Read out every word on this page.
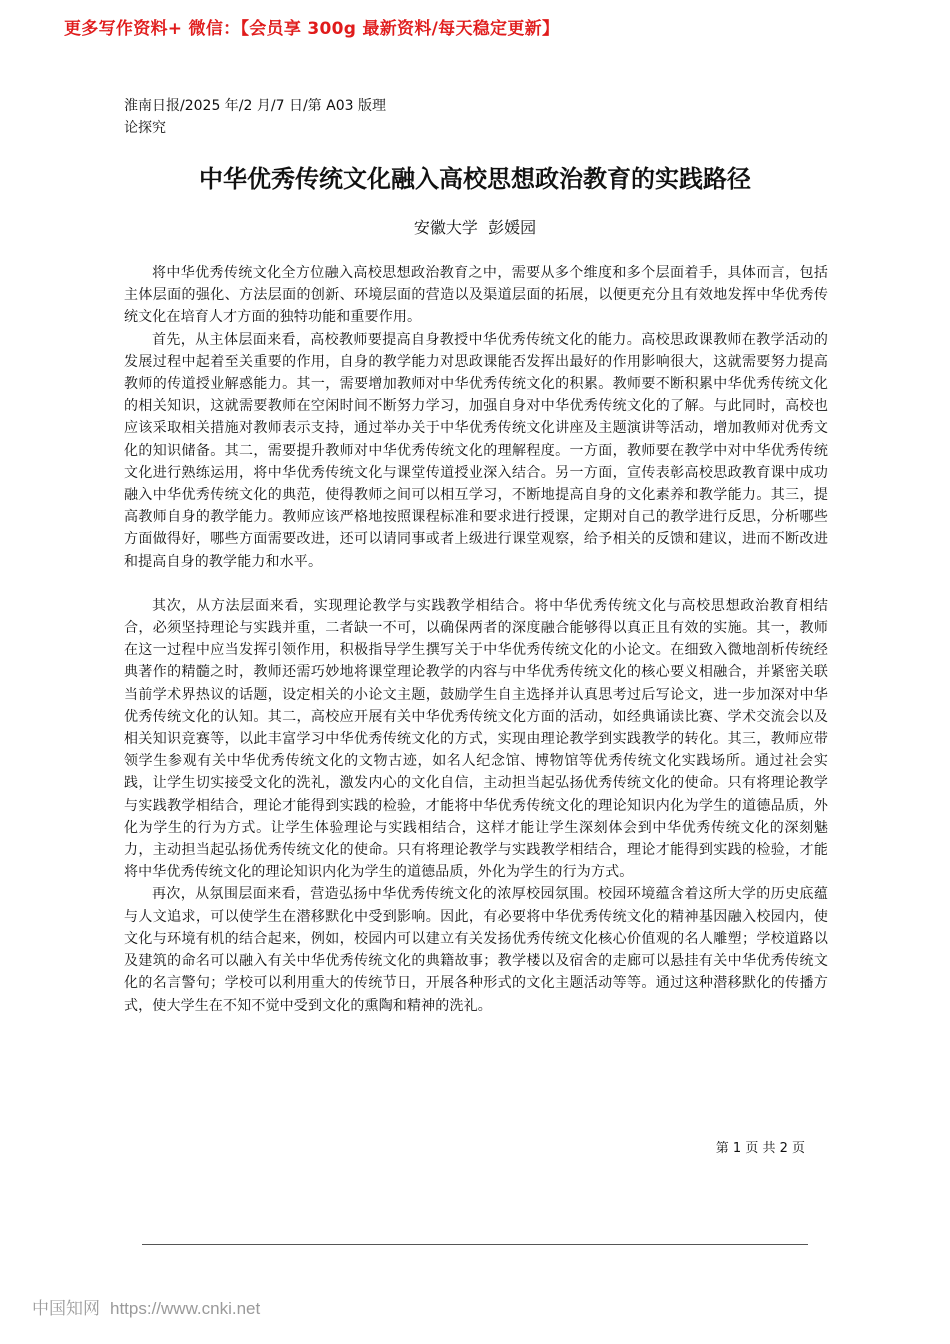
更多写作资料+ 微信：【会员享 300g 最新资料/每天稳定更新】
淮南日报/2025 年/2 月/7 日/第 A03 版理论探究
中华优秀传统文化融入高校思想政治教育的实践路径
安徽大学  彭媛园

将中华优秀传统文化全方位融入高校思想政治教育之中，需要从多个维度和多个层面着手，具体而言，包括主体层面的强化、方法层面的创新、环境层面的营造以及渠道层面的拓展，以便更充分且有效地发挥中华优秀传统文化在培育人才方面的独特功能和重要作用。

首先，从主体层面来看，高校教师要提高自身教授中华优秀传统文化的能力。高校思政课教师在教学活动的发展过程中起着至关重要的作用，自身的教学能力对思政课能否发挥出最好的作用影响很大，这就需要努力提高教师的传道授业解惑能力。其一，需要增加教师对中华优秀传统文化的积累。教师要不断积累中华优秀传统文化的相关知识，这就需要教师在空闲时间不断努力学习，加强自身对中华优秀传统文化的了解。与此同时，高校也应该采取相关措施对教师表示支持，通过举办关于中华优秀传统文化讲座及主题演讲等活动，增加教师对优秀文化的知识储备。其二，需要提升教师对中华优秀传统文化的理解程度。一方面，教师要在教学中对中华优秀传统文化进行熟练运用，将中华优秀传统文化与课堂传道授业深入结合。另一方面，宣传表彰高校思政教育课中成功融入中华优秀传统文化的典范，使得教师之间可以相互学习，不断地提高自身的文化素养和教学能力。其三，提高教师自身的教学能力。教师应该严格地按照课程标准和要求进行授课，定期对自己的教学进行反思，分析哪些方面做得好，哪些方面需要改进，还可以请同事或者上级进行课堂观察，给予相关的反馈和建议，进而不断改进和提高自身的教学能力和水平。

其次，从方法层面来看，实现理论教学与实践教学相结合。将中华优秀传统文化与高校思想政治教育相结合，必须坚持理论与实践并重，二者缺一不可，以确保两者的深度融合能够得以真正且有效的实施。其一，教师在这一过程中应当发挥引领作用，积极指导学生撰写关于中华优秀传统文化的小论文。在细致入微地剖析传统经典著作的精髓之时，教师还需巧妙地将课堂理论教学的内容与中华优秀传统文化的核心要义相融合，并紧密关联当前学术界热议的话题，设定相关的小论文主题，鼓励学生自主选择并认真思考过后写论文，进一步加深对中华优秀传统文化的认知。其二，高校应开展有关中华优秀传统文化方面的活动，如经典诵读比赛、学术交流会以及相关知识竞赛等，以此丰富学习中华优秀传统文化的方式，实现由理论教学到实践教学的转化。其三，教师应带领学生参观有关中华优秀传统文化的文物古迹，如名人纪念馆、博物馆等优秀传统文化实践场所。通过社会实践，让学生切实接受文化的洗礼，激发内心的文化自信，主动担当起弘扬优秀传统文化的使命。只有将理论教学与实践教学相结合，理论才能得到实践的检验，才能将中华优秀传统文化的理论知识内化为学生的道德品质，外化为学生的行为方式。让学生体验理论与实践相结合，这样才能让学生深刻体会到中华优秀传统文化的深刻魅力，主动担当起弘扬优秀传统文化的使命。只有将理论教学与实践教学相结合，理论才能得到实践的检验，才能将中华优秀传统文化的理论知识内化为学生的道德品质，外化为学生的行为方式。

再次，从氛围层面来看，营造弘扬中华优秀传统文化的浓厚校园氛围。校园环境蕴含着这所大学的历史底蕴与人文追求，可以使学生在潜移默化中受到影响。因此，有必要将中华优秀传统文化的精神基因融入校园内，使文化与环境有机的结合起来，例如，校园内可以建立有关发扬优秀传统文化核心价值观的名人雕塑；学校道路以及建筑的命名可以融入有关中华优秀传统文化的典籍故事；教学楼以及宿舍的走廊可以悬挂有关中华优秀传统文化的名言警句；学校可以利用重大的传统节日，开展各种形式的文化主题活动等等。通过这种潜移默化的传播方式，使大学生在不知不觉中受到文化的熏陶和精神的洗礼。

第 1 页 共 2 页
中国知网 https://www.cnki.net
